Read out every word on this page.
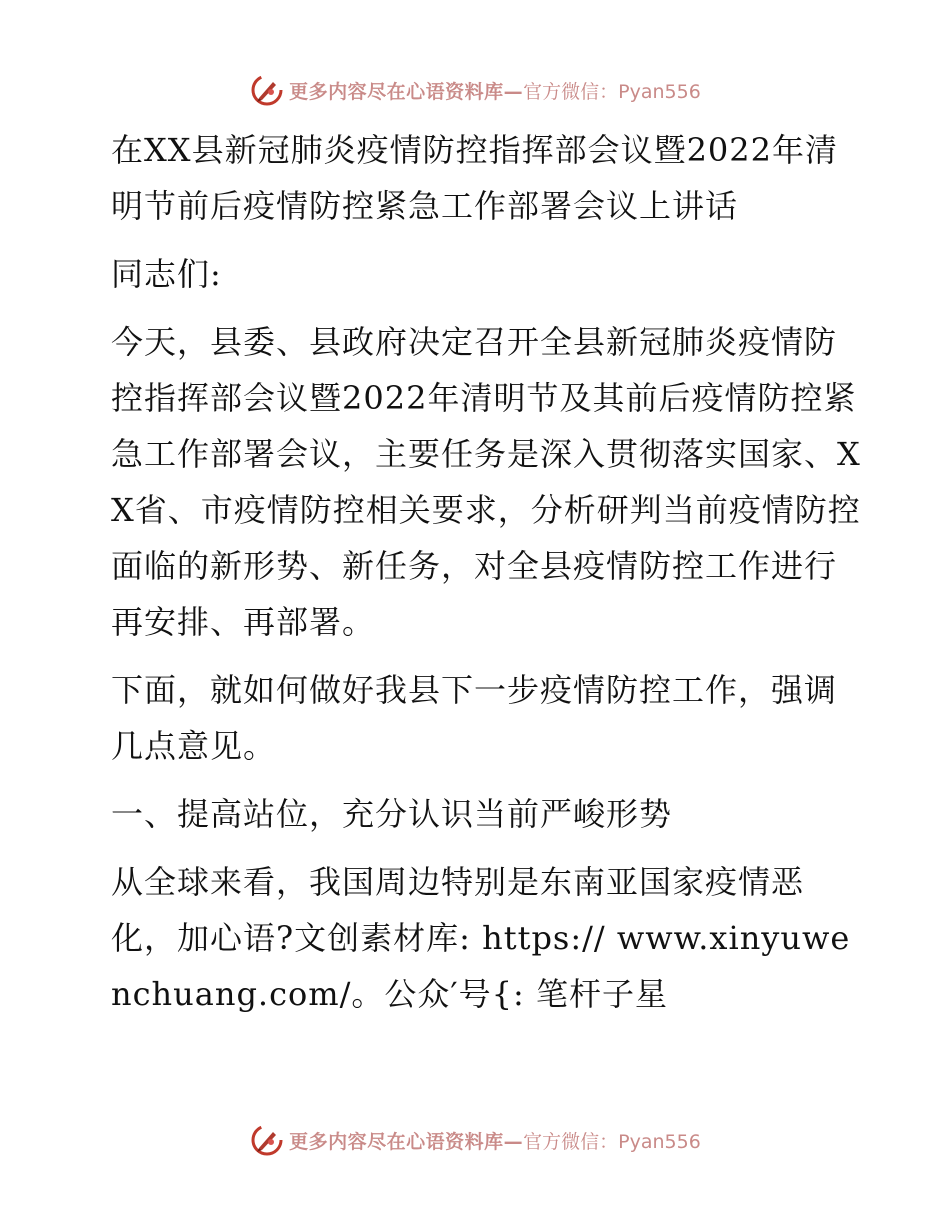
更多内容尽在心语资料库— 官方微信：Pyan556

在XX县新冠肺炎疫情防控指挥部会议暨2022年清明节前后疫情防控紧急工作部署会议上讲话

同志们:

今天，县委、县政府决定召开全县新冠肺炎疫情防控指挥部会议暨2022年清明节及其前后疫情防控紧急工作部署会议，主要任务是深入贯彻落实国家、XX省、市疫情防控相关要求，分析研判当前疫情防控面临的新形势、新任务，对全县疫情防控工作进行再安排、再部署。

下面，就如何做好我县下一步疫情防控工作，强调几点意见。

一、提高站位，充分认识当前严峻形势

从全球来看，我国周边特别是东南亚国家疫情恶化，加心语?文创素材库: https:// www.xinyuwenchuang.com/。公众′号{: 笔杆子星

更多内容尽在心语资料库— 官方微信：Pyan556
